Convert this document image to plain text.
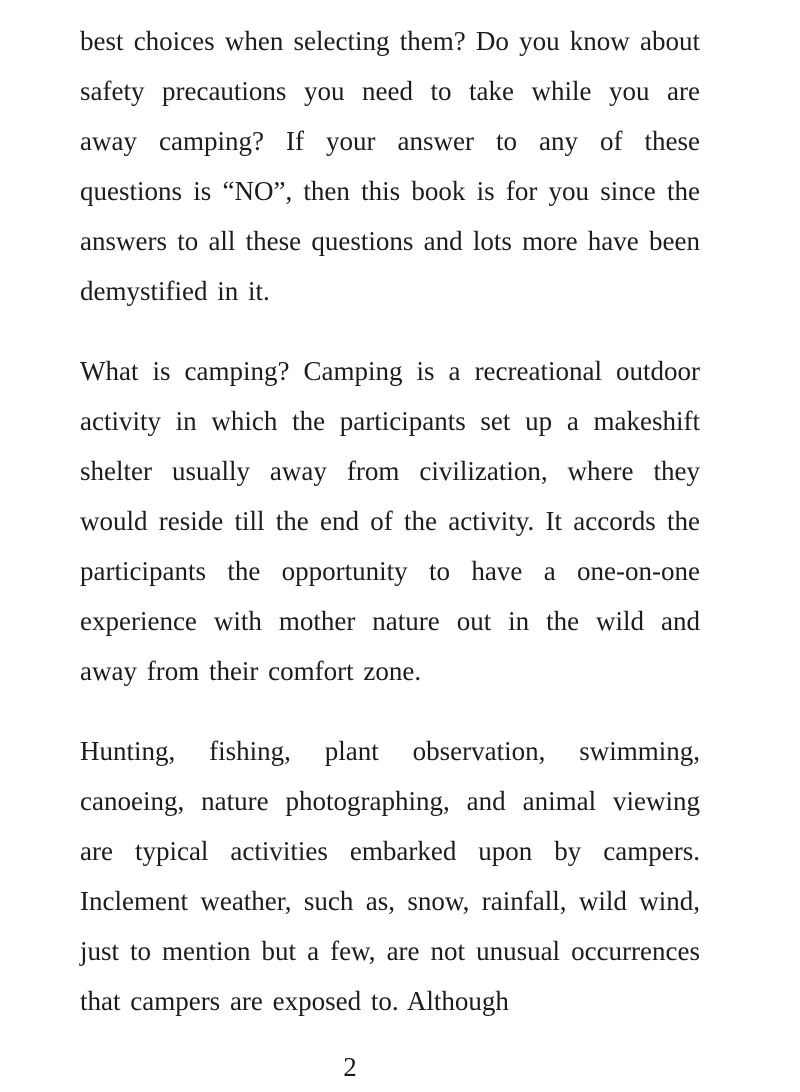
best choices when selecting them? Do you know about safety precautions you need to take while you are away camping? If your answer to any of these questions is “NO”, then this book is for you since the answers to all these questions and lots more have been demystified in it.

What is camping? Camping is a recreational outdoor activity in which the participants set up a makeshift shelter usually away from civilization, where they would reside till the end of the activity. It accords the participants the opportunity to have a one-on-one experience with mother nature out in the wild and away from their comfort zone.

Hunting, fishing, plant observation, swimming, canoeing, nature photographing, and animal viewing are typical activities embarked upon by campers. Inclement weather, such as, snow, rainfall, wild wind, just to mention but a few, are not unusual occurrences that campers are exposed to. Although

2
